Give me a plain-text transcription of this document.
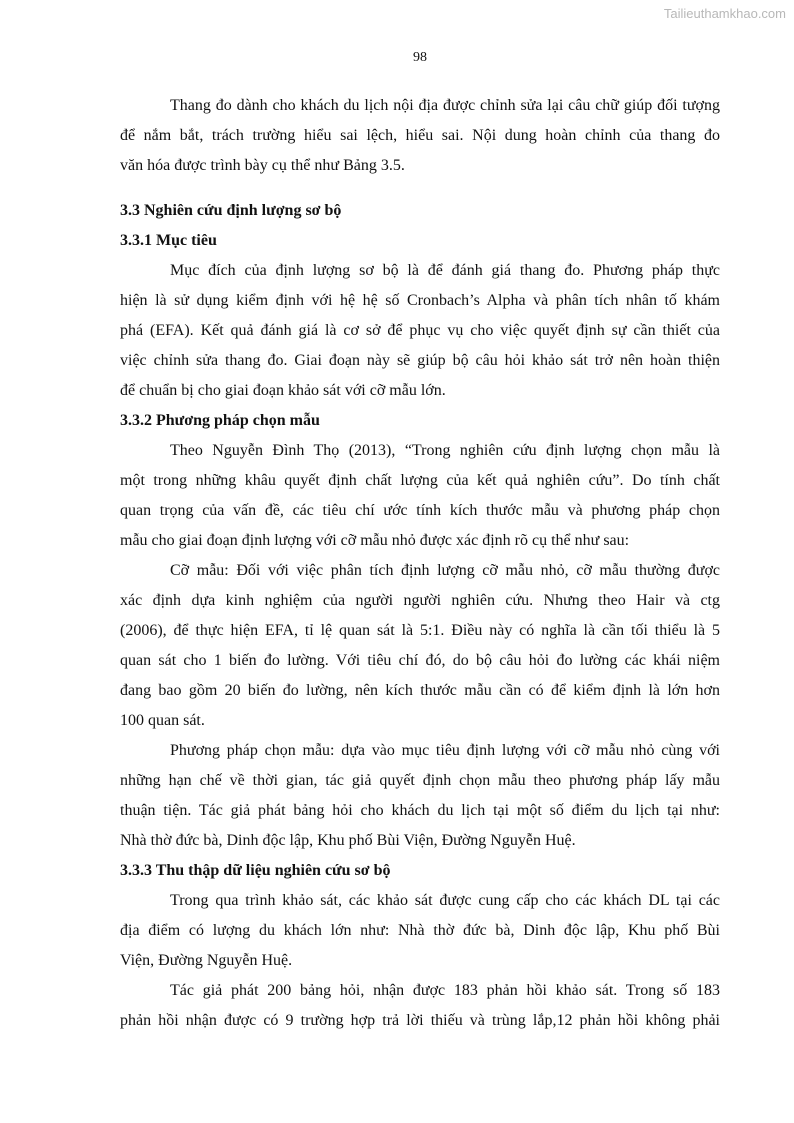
Tailieuthamkhao.com
98

Thang đo dành cho khách du lịch nội địa được chỉnh sửa lại câu chữ giúp đối tượng
để nắm bắt, trách trường hiểu sai lệch, hiểu sai. Nội dung hoàn chỉnh của thang đo
văn hóa được trình bày cụ thể như Bảng 3.5.

3.3 Nghiên cứu định lượng sơ bộ
3.3.1 Mục tiêu

Mục đích của định lượng sơ bộ là để đánh giá thang đo. Phương pháp thực
hiện là sử dụng kiểm định với hệ hệ số Cronbach’s Alpha và phân tích nhân tố khám
phá (EFA). Kết quả đánh giá là cơ sở để phục vụ cho việc quyết định sự cần thiết của
việc chỉnh sửa thang đo. Giai đoạn này sẽ giúp bộ câu hỏi khảo sát trở nên hoàn thiện
để chuẩn bị cho giai đoạn khảo sát với cỡ mẫu lớn.

3.3.2 Phương pháp chọn mẫu

Theo Nguyễn Đình Thọ (2013), “Trong nghiên cứu định lượng chọn mẫu là
một trong những khâu quyết định chất lượng của kết quả nghiên cứu”. Do tính chất
quan trọng của vấn đề, các tiêu chí ước tính kích thước mẫu và phương pháp chọn
mẫu cho giai đoạn định lượng với cỡ mẫu nhỏ được xác định rõ cụ thể như sau:

Cỡ mẫu: Đối với việc phân tích định lượng cỡ mẫu nhỏ, cỡ mẫu thường được
xác định dựa kinh nghiệm của người người nghiên cứu. Nhưng theo Hair và ctg
(2006), để thực hiện EFA, tỉ lệ quan sát là 5:1. Điều này có nghĩa là cần tối thiểu là 5
quan sát cho 1 biến đo lường. Với tiêu chí đó, do bộ câu hỏi đo lường các khái niệm
đang bao gồm 20 biến đo lường, nên kích thước mẫu cần có để kiểm định là lớn hơn
100 quan sát.

Phương pháp chọn mẫu: dựa vào mục tiêu định lượng với cỡ mẫu nhỏ cùng với
những hạn chế về thời gian, tác giả quyết định chọn mẫu theo phương pháp lấy mẫu
thuận tiện. Tác giả phát bảng hỏi cho khách du lịch tại một số điểm du lịch tại như:
Nhà thờ đức bà, Dinh độc lập, Khu phố Bùi Viện, Đường Nguyễn Huệ.

3.3.3 Thu thập dữ liệu nghiên cứu sơ bộ

Trong qua trình khảo sát, các khảo sát được cung cấp cho các khách DL tại các
địa điểm có lượng du khách lớn như: Nhà thờ đức bà, Dinh độc lập, Khu phố Bùi
Viện, Đường Nguyễn Huệ.

Tác giả phát 200 bảng hỏi, nhận được 183 phản hồi khảo sát. Trong số 183
phản hồi nhận được có 9 trường hợp trả lời thiếu và trùng lắp,12 phản hồi không phải
